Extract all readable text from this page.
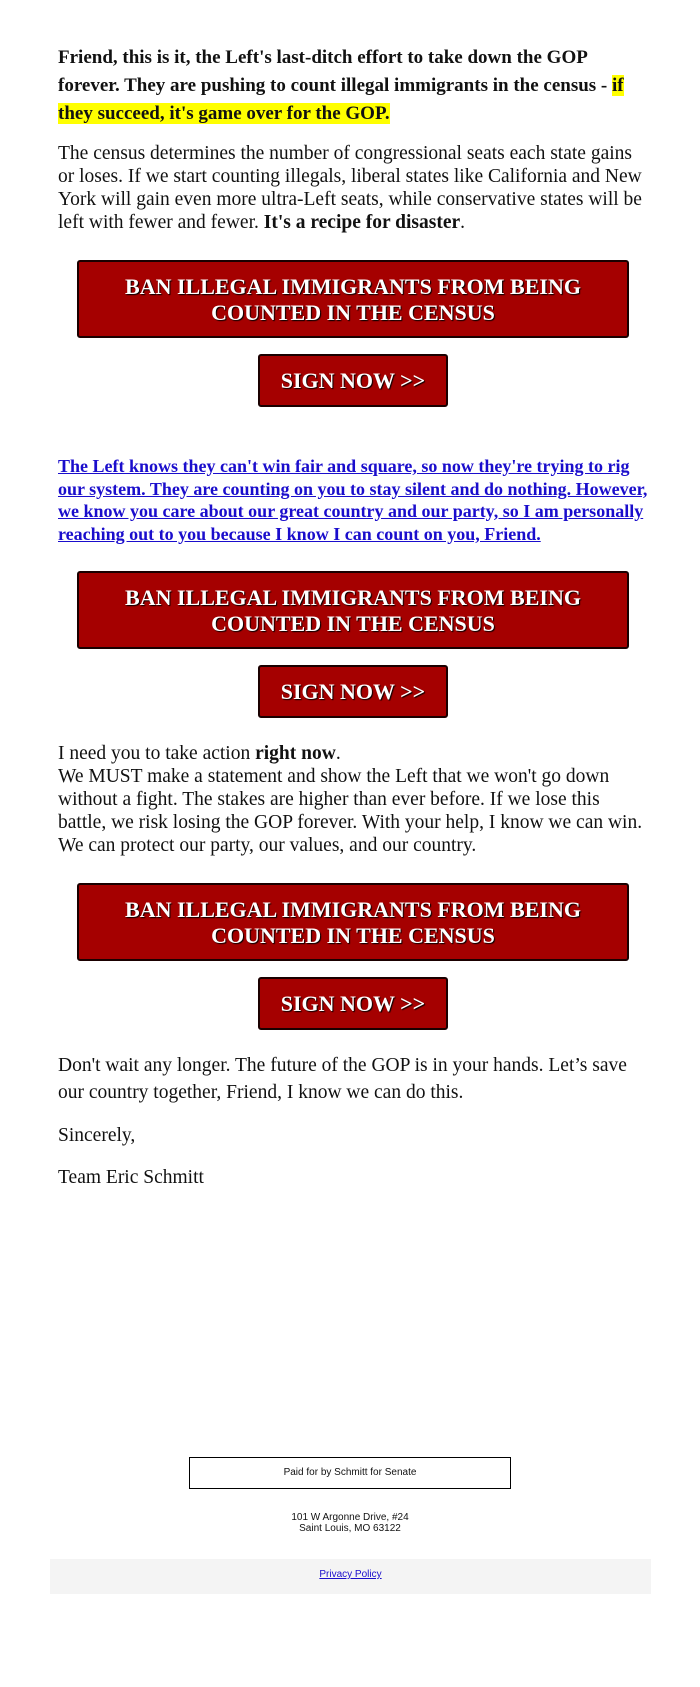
Friend, this is it, the Left's last-ditch effort to take down the GOP forever. They are pushing to count illegal immigrants in the census - if they succeed, it's game over for the GOP.

The census determines the number of congressional seats each state gains or loses. If we start counting illegals, liberal states like California and New York will gain even more ultra-Left seats, while conservative states will be left with fewer and fewer. It's a recipe for disaster.

BAN ILLEGAL IMMIGRANTS FROM BEING COUNTED IN THE CENSUS
SIGN NOW >>
The Left knows they can't win fair and square, so now they're trying to rig our system. They are counting on you to stay silent and do nothing. However, we know you care about our great country and our party, so I am personally reaching out to you because I know I can count on you, Friend.
BAN ILLEGAL IMMIGRANTS FROM BEING COUNTED IN THE CENSUS
SIGN NOW >>

I need you to take action right now.
We MUST make a statement and show the Left that we won't go down without a fight. The stakes are higher than ever before. If we lose this battle, we risk losing the GOP forever. With your help, I know we can win. We can protect our party, our values, and our country.

BAN ILLEGAL IMMIGRANTS FROM BEING COUNTED IN THE CENSUS
SIGN NOW >>

Don't wait any longer. The future of the GOP is in your hands. Let’s save our country together, Friend, I know we can do this.

Sincerely,

Team Eric Schmitt

Paid for by Schmitt for Senate
101 W Argonne Drive, #24
Saint Louis, MO 63122
Privacy Policy
